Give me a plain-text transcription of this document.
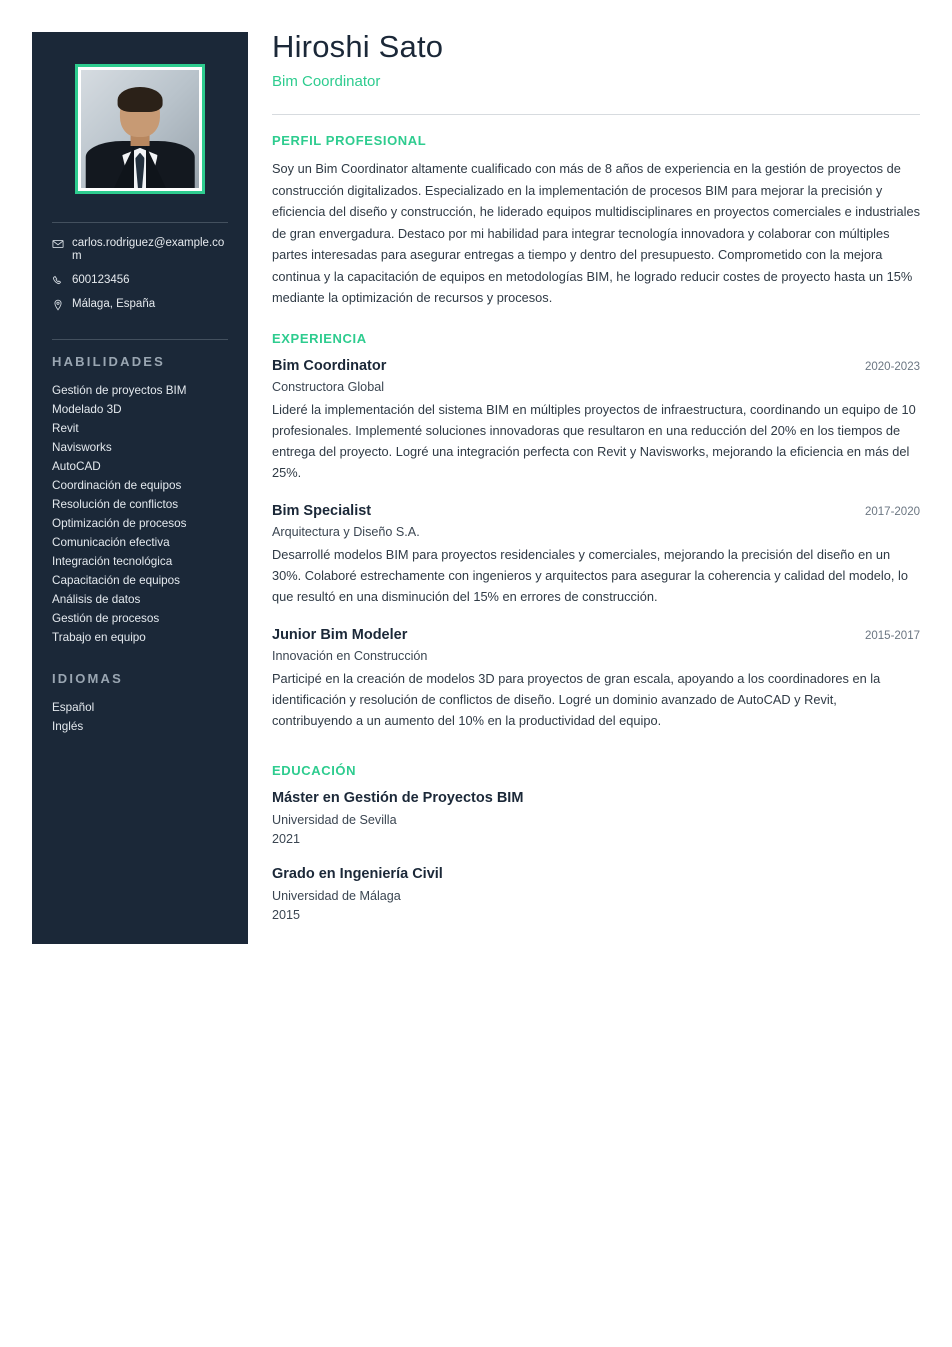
carlos.rodriguez@example.com
600123456
Málaga, España
HABILIDADES
Gestión de proyectos BIM
Modelado 3D
Revit
Navisworks
AutoCAD
Coordinación de equipos
Resolución de conflictos
Optimización de procesos
Comunicación efectiva
Integración tecnológica
Capacitación de equipos
Análisis de datos
Gestión de procesos
Trabajo en equipo
IDIOMAS
Español
Inglés
Hiroshi Sato

Bim Coordinator

PERFIL PROFESIONAL

Soy un Bim Coordinator altamente cualificado con más de 8 años de experiencia en la gestión de proyectos de construcción digitalizados. Especializado en la implementación de procesos BIM para mejorar la precisión y eficiencia del diseño y construcción, he liderado equipos multidisciplinares en proyectos comerciales e industriales de gran envergadura. Destaco por mi habilidad para integrar tecnología innovadora y colaborar con múltiples partes interesadas para asegurar entregas a tiempo y dentro del presupuesto. Comprometido con la mejora continua y la capacitación de equipos en metodologías BIM, he logrado reducir costes de proyecto hasta un 15% mediante la optimización de recursos y procesos.

EXPERIENCIA
Bim Coordinator	2020-2023
Constructora Global

Lideré la implementación del sistema BIM en múltiples proyectos de infraestructura, coordinando un equipo de 10 profesionales. Implementé soluciones innovadoras que resultaron en una reducción del 20% en los tiempos de entrega del proyecto. Logré una integración perfecta con Revit y Navisworks, mejorando la eficiencia en más del 25%.

Bim Specialist	2017-2020
Arquitectura y Diseño S.A.

Desarrollé modelos BIM para proyectos residenciales y comerciales, mejorando la precisión del diseño en un 30%. Colaboré estrechamente con ingenieros y arquitectos para asegurar la coherencia y calidad del modelo, lo que resultó en una disminución del 15% en errores de construcción.

Junior Bim Modeler	2015-2017
Innovación en Construcción

Participé en la creación de modelos 3D para proyectos de gran escala, apoyando a los coordinadores en la identificación y resolución de conflictos de diseño. Logré un dominio avanzado de AutoCAD y Revit, contribuyendo a un aumento del 10% en la productividad del equipo.

EDUCACIÓN
Máster en Gestión de Proyectos BIM

Universidad de Sevilla

2021

Grado en Ingeniería Civil

Universidad de Málaga

2015
